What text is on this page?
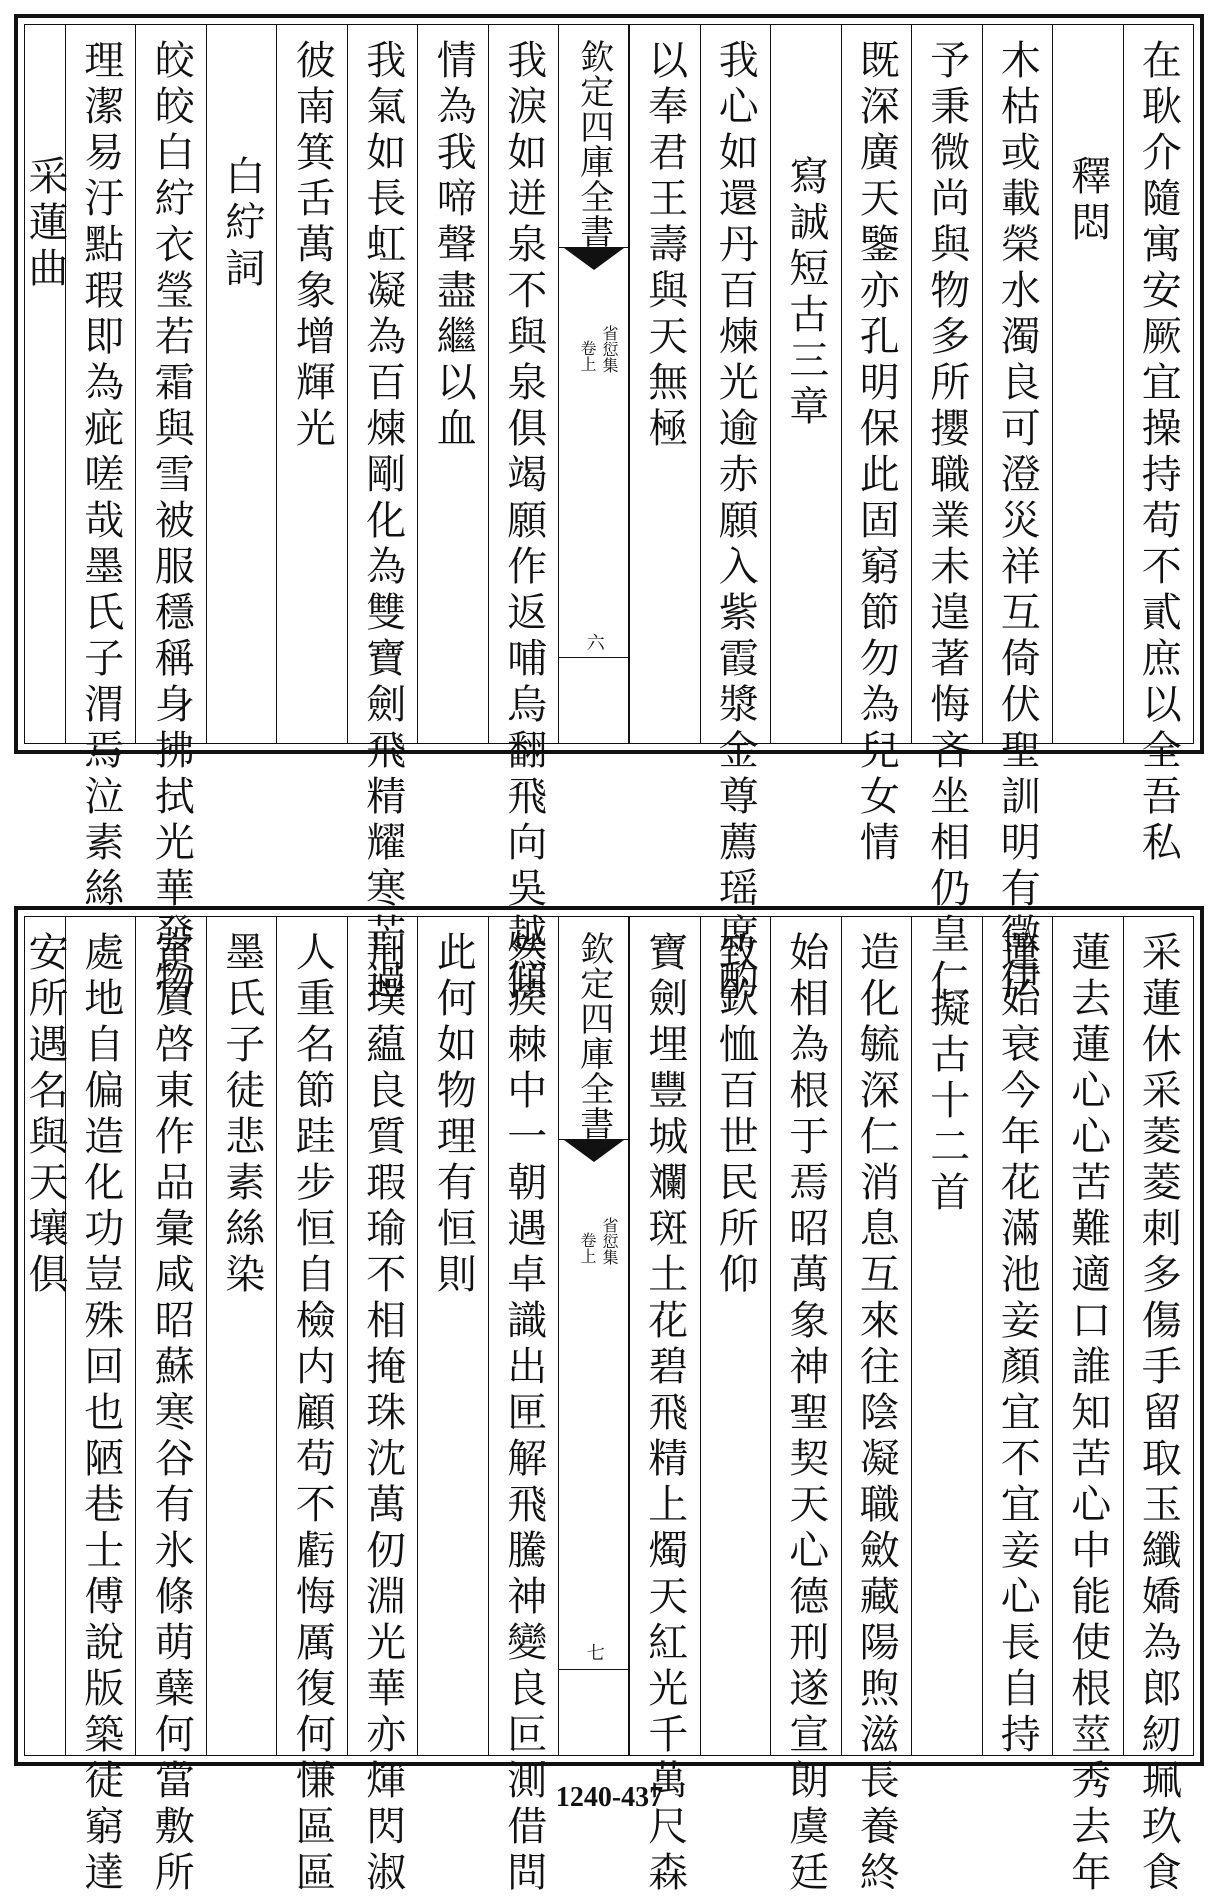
在耿介隨寓安厥宜操持苟不貳庶以全吾私
釋悶
木枯或載榮水濁良可澄災祥互倚伏聖訓明有徵伊
予秉微尚與物多所攖職業未遑著悔吝坐相仍皇仁
既深廣天鑒亦孔明保此固窮節勿為兒女情
寫誠短古三章
我心如還丹百煉光逾赤願入紫霞漿金尊薦瑶席酌
以奉君王壽與天無極
欽定四庫全書
省愆集
卷上
六
我淚如迸泉不與泉俱竭願作返哺烏翻飛向吳越傾
情為我啼聲盡繼以血
我氣如長虹凝為百煉剛化為雙寶劍飛精耀寒芒過
彼南箕舌萬象增輝光
白紵詞
皎皎白紵衣瑩若霜與雪被服穩稱身拂拭光華發物
理潔易汙點瑕即為疵嗟哉墨氏子渭焉泣素絲
采蓮曲
采蓮休采菱菱刺多傷手留取玉纖嬌為郎紉珮玖食
蓮去蓮心心苦難適口誰知苦心中能使根莖秀去年
蓮始衰今年花滿池妾顏宜不宜妾心長自持
擬古十二首
造化毓深仁消息互來往陰凝職斂藏陽煦滋長養終
始相為根于焉昭萬象神聖契天心德刑遂宣朗虞廷
致欽恤百世民所仰
寶劍埋豐城斕斑土花碧飛精上燭天紅光千萬尺森
欽定四庫全書
省愆集
卷上
七
然蒺棘中一朝遇卓識出匣解飛騰神變良叵測借問
此何如物理有恒則
荆璞藴良質瑕瑜不相掩珠沈萬仞淵光華亦煇閃淑
人重名節跬步恒自檢内顧苟不虧悔厲復何慊區區
墨氏子徒悲素絲染
寅賔啓東作品彙咸昭蘇寒谷有氷條萌蘖何當敷所
處地自偏造化功豈殊回也陋巷士傅說版築徒窮達
安所遇名與天壤俱
1240-437
